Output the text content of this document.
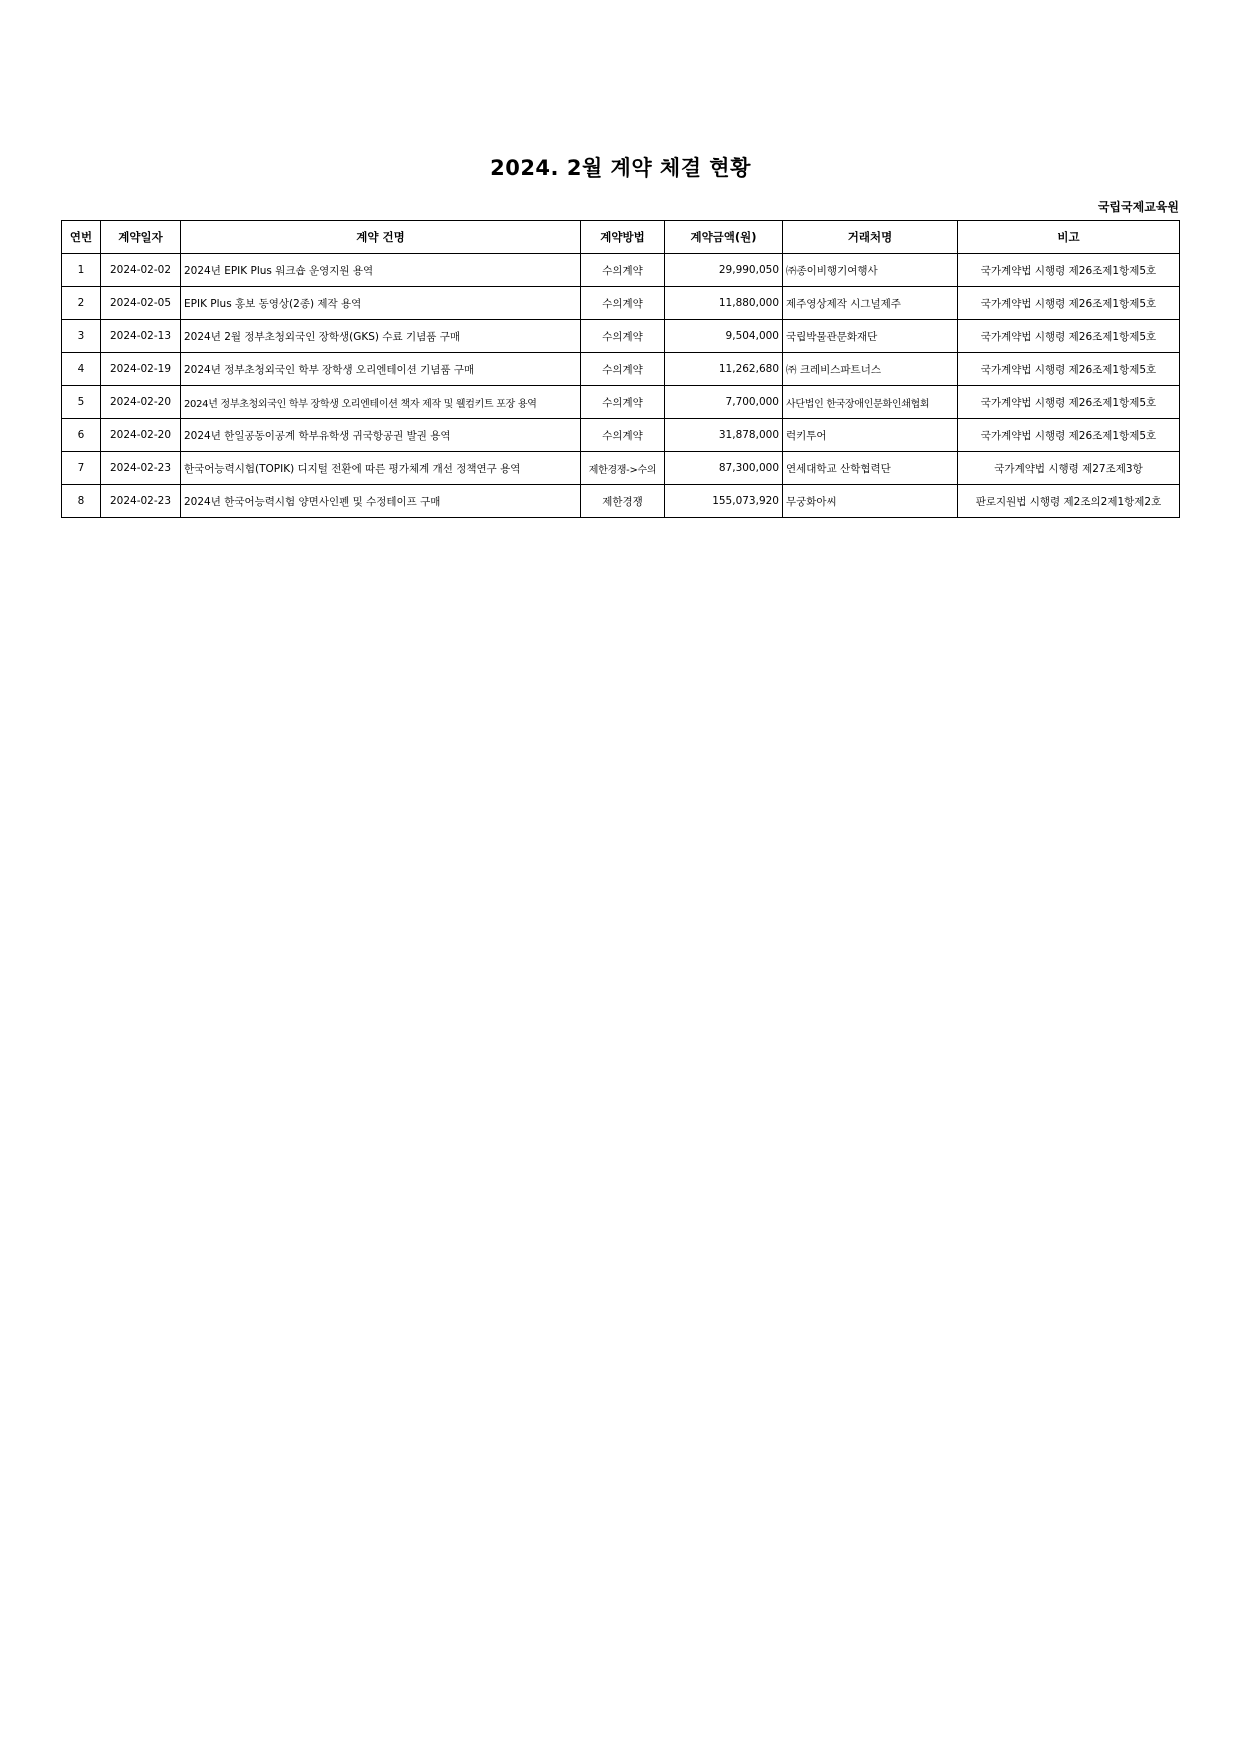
2024. 2월 계약 체결 현황
국립국제교육원
연번	계약일자	계약 건명	계약방법	계약금액(원)	거래처명	비고
1	2024-02-02	2024년 EPIK Plus 워크숍 운영지원 용역	수의계약	29,990,050	㈜종이비행기여행사	국가계약법 시행령 제26조제1항제5호
2	2024-02-05	EPIK Plus 홍보 동영상(2종) 제작 용역	수의계약	11,880,000	제주영상제작 시그널제주	국가계약법 시행령 제26조제1항제5호
3	2024-02-13	2024년 2월 정부초청외국인 장학생(GKS) 수료 기념품 구매	수의계약	9,504,000	국립박물관문화재단	국가계약법 시행령 제26조제1항제5호
4	2024-02-19	2024년 정부초청외국인 학부 장학생 오리엔테이션 기념품 구매	수의계약	11,262,680	㈜ 크레비스파트너스	국가계약법 시행령 제26조제1항제5호
5	2024-02-20	2024년 정부초청외국인 학부 장학생 오리엔테이션 책자 제작 및 웰컴키트 포장 용역	수의계약	7,700,000	사단법인 한국장애인문화인쇄협회	국가계약법 시행령 제26조제1항제5호
6	2024-02-20	2024년 한일공동이공계 학부유학생 귀국항공권 발권 용역	수의계약	31,878,000	럭키투어	국가계약법 시행령 제26조제1항제5호
7	2024-02-23	한국어능력시험(TOPIK) 디지털 전환에 따른 평가체계 개선 정책연구 용역	제한경쟁->수의	87,300,000	연세대학교 산학협력단	국가계약법 시행령 제27조제3항
8	2024-02-23	2024년 한국어능력시험 양면사인펜 및 수정테이프 구매	제한경쟁	155,073,920	무궁화아씨	판로지원법 시행령 제2조의2제1항제2호
